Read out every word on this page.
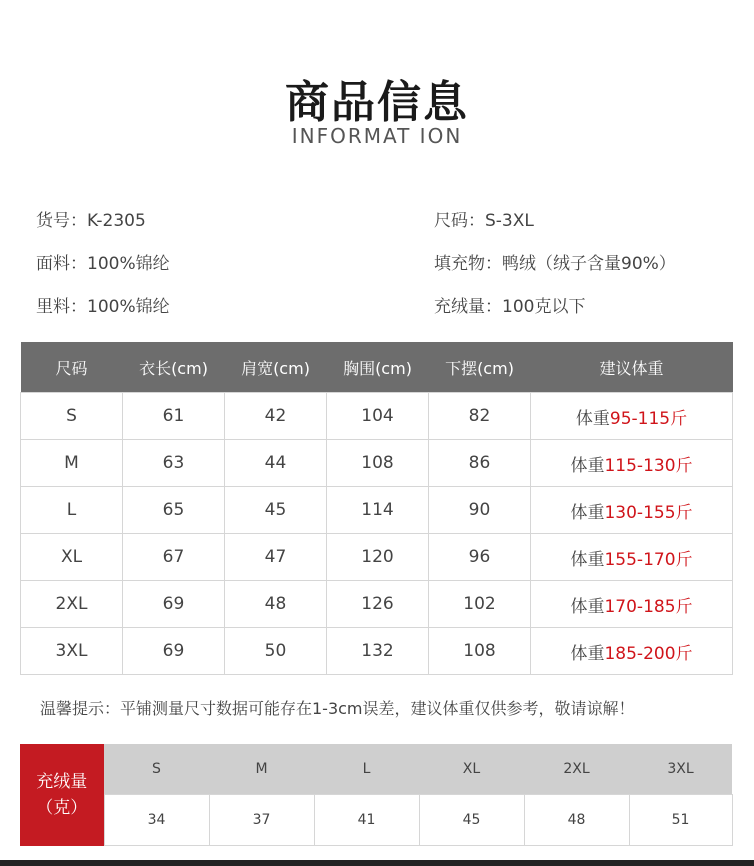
商品信息
INFORMAT ION
货号：K-2305	尺码：S-3XL
面料：100%锦纶	填充物：鸭绒（绒子含量90%）
里料：100%锦纶	充绒量：100克以下
尺码	衣长(cm)	肩宽(cm)	胸围(cm)	下摆(cm)	建议体重
S	61	42	104	82	体重95-115斤
M	63	44	108	86	体重115-130斤
L	65	45	114	90	体重130-155斤
XL	67	47	120	96	体重155-170斤
2XL	69	48	126	102	体重170-185斤
3XL	69	50	132	108	体重185-200斤
温馨提示：平铺测量尺寸数据可能存在1-3cm误差，建议体重仅供参考，敬请谅解！
充绒量
（克）	S	M	L	XL	2XL	3XL
	34	37	41	45	48	51
